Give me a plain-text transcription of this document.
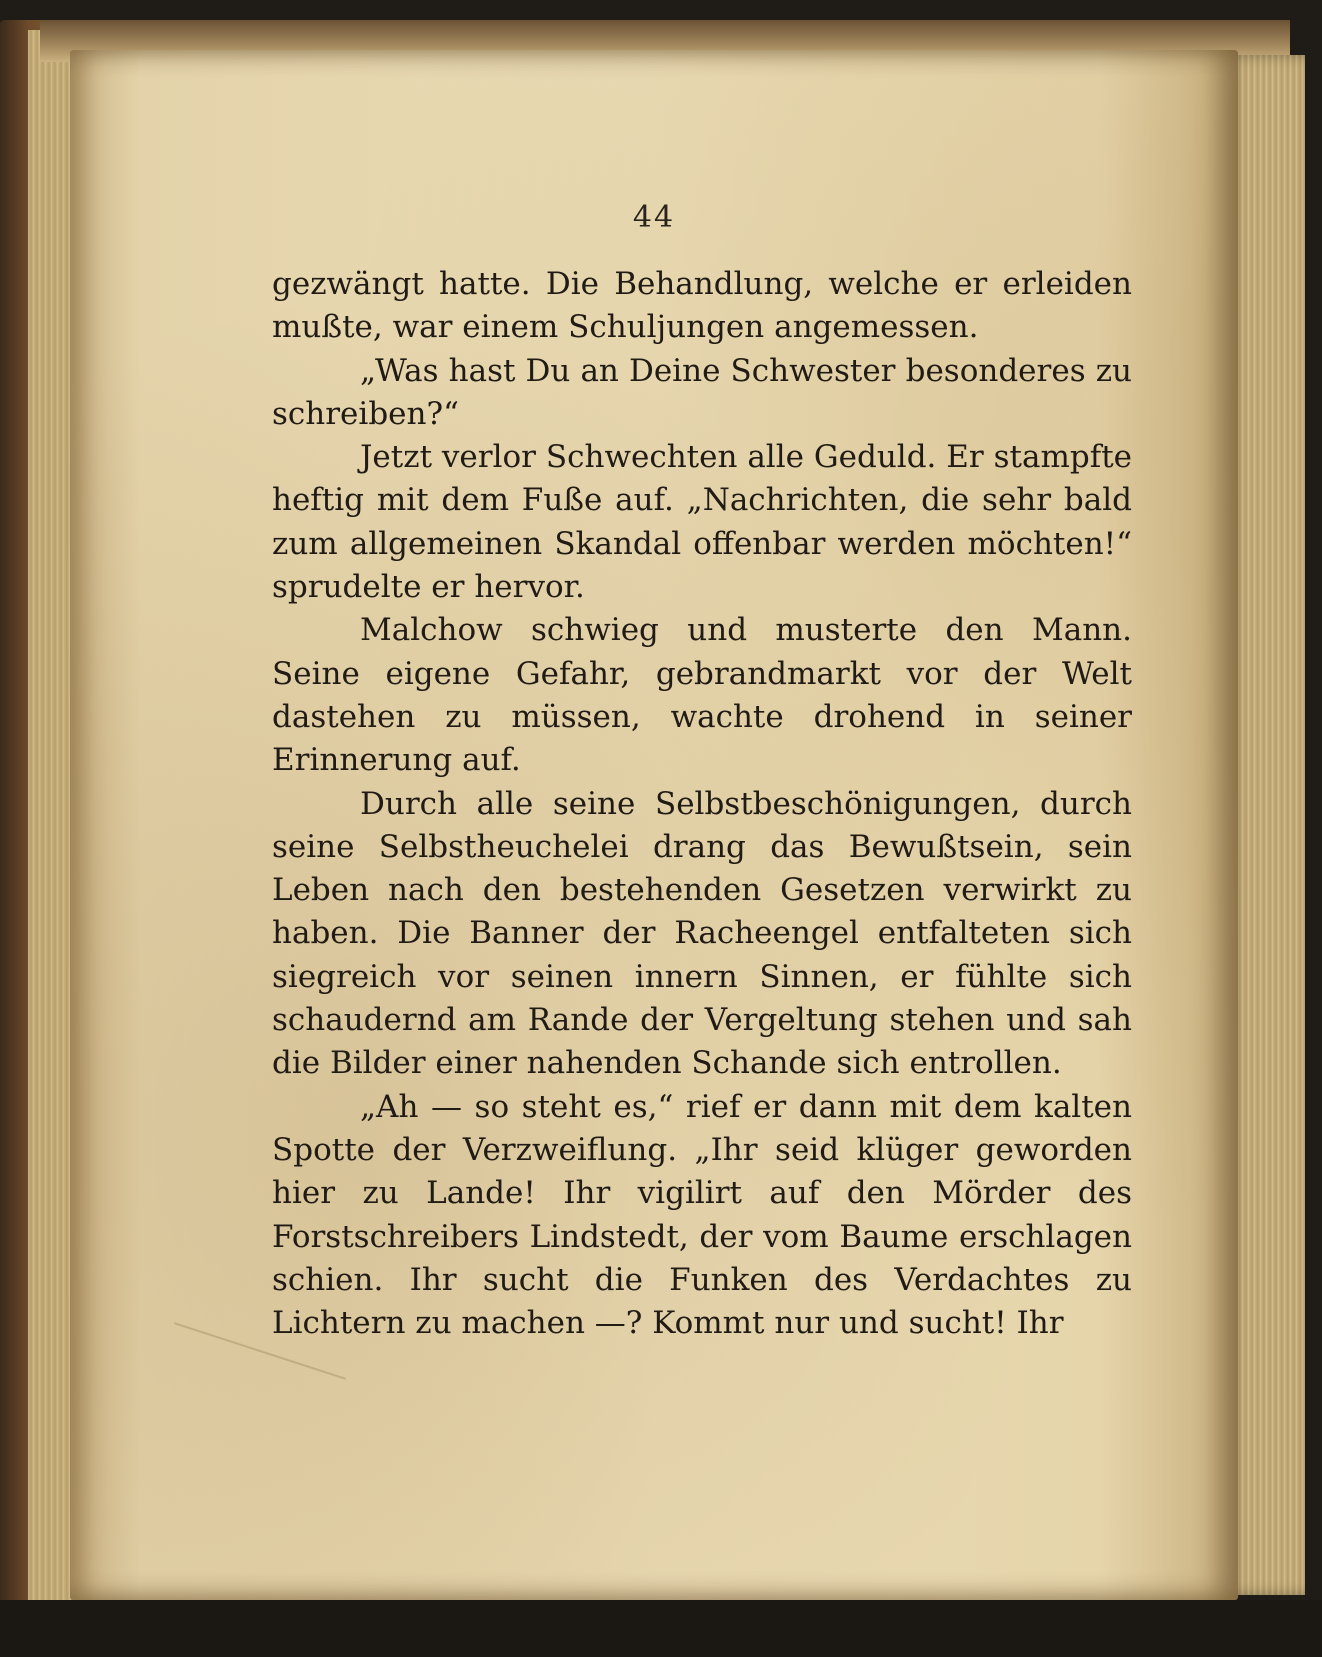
44

gezwängt hatte. Die Behandlung, welche er erleiden mußte, war einem Schuljungen angemessen.

„Was hast Du an Deine Schwester besonderes zu schreiben?“

Jetzt verlor Schwechten alle Geduld. Er stampfte heftig mit dem Fuße auf. „Nachrichten, die sehr bald zum allgemeinen Skandal offenbar werden möchten!“ sprudelte er hervor.

Malchow schwieg und musterte den Mann. Seine eigene Gefahr, gebrandmarkt vor der Welt dastehen zu müssen, wachte drohend in seiner Erinnerung auf.

Durch alle seine Selbstbeschönigungen, durch seine Selbstheuchelei drang das Bewußtsein, sein Leben nach den bestehenden Gesetzen verwirkt zu haben. Die Banner der Racheengel entfalteten sich siegreich vor seinen innern Sinnen, er fühlte sich schaudernd am Rande der Vergeltung stehen und sah die Bilder einer nahenden Schande sich entrollen.

„Ah — so steht es,“ rief er dann mit dem kalten Spotte der Verzweiflung. „Ihr seid klüger geworden hier zu Lande! Ihr vigilirt auf den Mörder des Forstschreibers Lindstedt, der vom Baume erschlagen schien. Ihr sucht die Funken des Verdachtes zu Lichtern zu machen —? Kommt nur und sucht! Ihr
